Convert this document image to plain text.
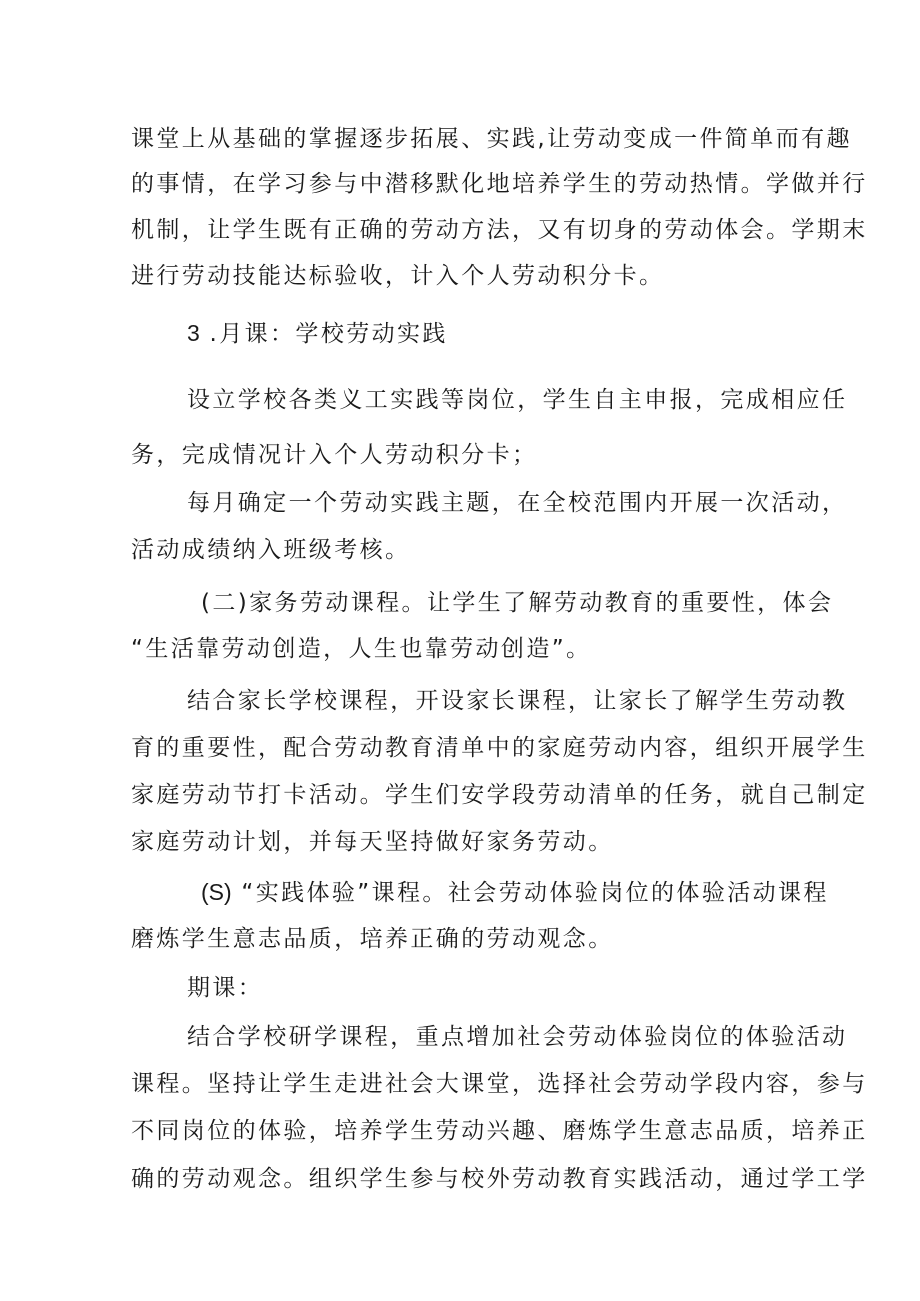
课堂上从基础的掌握逐步拓展、实践,让劳动变成一件简单而有趣
的事情，在学习参与中潜移默化地培养学生的劳动热情。学做并行
机制，让学生既有正确的劳动方法，又有切身的劳动体会。学期末
进行劳动技能达标验收，计入个人劳动积分卡。
3 .月课：学校劳动实践
设立学校各类义工实践等岗位，学生自主申报，完成相应任
务，完成情况计入个人劳动积分卡；
每月确定一个劳动实践主题，在全校范围内开展一次活动，
活动成绩纳入班级考核。
(二)家务劳动课程。让学生了解劳动教育的重要性，体会
“生活靠劳动创造，人生也靠劳动创造”。
结合家长学校课程，开设家长课程，让家长了解学生劳动教
育的重要性，配合劳动教育清单中的家庭劳动内容，组织开展学生
家庭劳动节打卡活动。学生们安学段劳动清单的任务，就自己制定
家庭劳动计划，并每天坚持做好家务劳动。
(S) “实践体验”课程。社会劳动体验岗位的体验活动课程
磨炼学生意志品质，培养正确的劳动观念。
期课：
结合学校研学课程，重点增加社会劳动体验岗位的体验活动
课程。坚持让学生走进社会大课堂，选择社会劳动学段内容，参与
不同岗位的体验，培养学生劳动兴趣、磨炼学生意志品质，培养正
确的劳动观念。组织学生参与校外劳动教育实践活动，通过学工学
